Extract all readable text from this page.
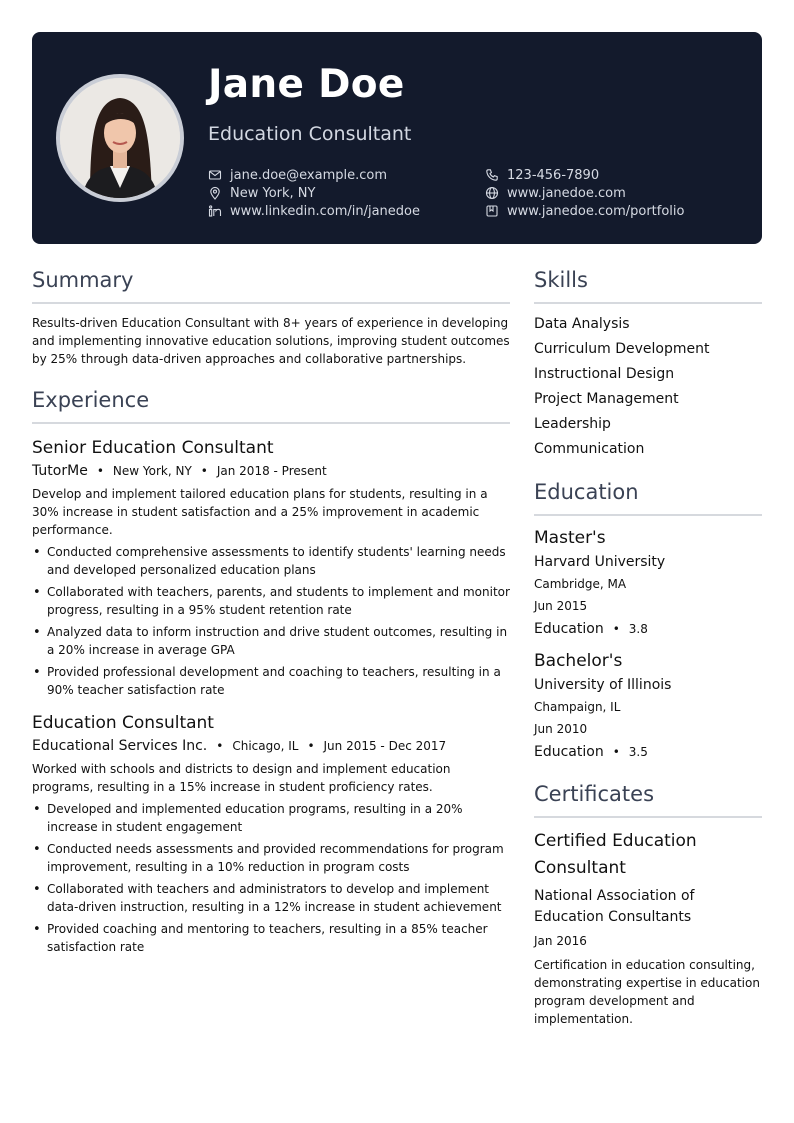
Jane Doe
Education Consultant
jane.doe@example.com
New York, NY
www.linkedin.com/in/janedoe
123-456-7890
www.janedoe.com
www.janedoe.com/portfolio
Summary
Results-driven Education Consultant with 8+ years of experience in developing and implementing innovative education solutions, improving student outcomes by 25% through data-driven approaches and collaborative partnerships.
Experience
Senior Education Consultant
TutorMe • New York, NY • Jan 2018 - Present
Develop and implement tailored education plans for students, resulting in a 30% increase in student satisfaction and a 25% improvement in academic performance.
• Conducted comprehensive assessments to identify students' learning needs and developed personalized education plans
• Collaborated with teachers, parents, and students to implement and monitor progress, resulting in a 95% student retention rate
• Analyzed data to inform instruction and drive student outcomes, resulting in a 20% increase in average GPA
• Provided professional development and coaching to teachers, resulting in a 90% teacher satisfaction rate
Education Consultant
Educational Services Inc. • Chicago, IL • Jun 2015 - Dec 2017
Worked with schools and districts to design and implement education programs, resulting in a 15% increase in student proficiency rates.
• Developed and implemented education programs, resulting in a 20% increase in student engagement
• Conducted needs assessments and provided recommendations for program improvement, resulting in a 10% reduction in program costs
• Collaborated with teachers and administrators to develop and implement data-driven instruction, resulting in a 12% increase in student achievement
• Provided coaching and mentoring to teachers, resulting in a 85% teacher satisfaction rate
Skills
Data Analysis
Curriculum Development
Instructional Design
Project Management
Leadership
Communication
Education
Master's
Harvard University
Cambridge, MA
Jun 2015
Education • 3.8
Bachelor's
University of Illinois
Champaign, IL
Jun 2010
Education • 3.5
Certificates
Certified Education Consultant
National Association of Education Consultants
Jan 2016
Certification in education consulting, demonstrating expertise in education program development and implementation.
